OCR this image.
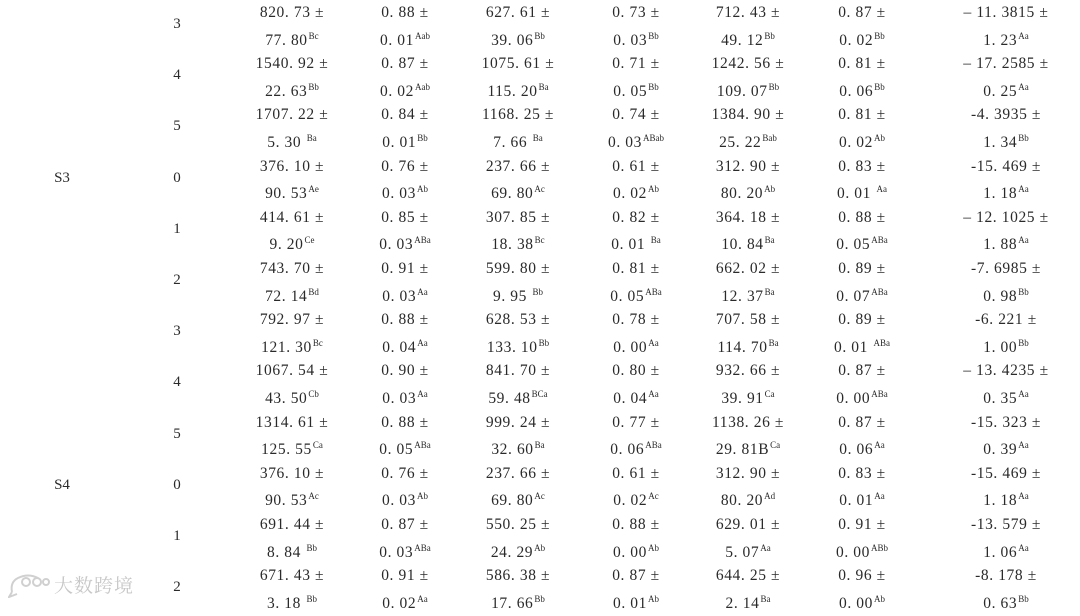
3
820. 73 ±
77. $80^{Bc}$
0. 88 ±
0. $01^{Aab}$
627. 61 ±
39. $06^{Bb}$
0. 73 ±
0. $03^{Bb}$
712. 43 ±
49. $12^{Bb}$
0. 87 ±
0. $02^{Bb}$
– 11. 3815 ±
1. $23^{Aa}$
4
1540. 92 ±
22. $63^{Bb}$
0. 87 ±
0. $02^{Aab}$
1075. 61 ±
115. $20^{Ba}$
0. 71 ±
0. $05^{Bb}$
1242. 56 ±
109. $07^{Bb}$
0. 81 ±
0. $06^{Bb}$
– 17. 2585 ±
0. $25^{Aa}$
5
1707. 22 ±
5. 30 $^{Ba}$
0. 84 ±
0. $01^{Bb}$
1168. 25 ±
7. 66 $^{Ba}$
0. 74 ±
0. $03^{ABab}$
1384. 90 ±
25. $22^{Bab}$
0. 81 ±
0. $02^{Ab}$
-4. 3935 ±
1. $34^{Bb}$
S3	0
376. 10 ±
90. $53^{Ae}$
0. 76 ±
0. $03^{Ab}$
237. 66 ±
69. $80^{Ac}$
0. 61 ±
0. $02^{Ab}$
312. 90 ±
80. $20^{Ab}$
0. 83 ±
0. 01 $^{Aa}$
-15. 469 ±
1. $18^{Aa}$
1
414. 61 ±
9. $20^{Ce}$
0. 85 ±
0. $03^{ABa}$
307. 85 ±
18. $38^{Bc}$
0. 82 ±
0. 01 $^{Ba}$
364. 18 ±
10. $84^{Ba}$
0. 88 ±
0. $05^{ABa}$
– 12. 1025 ±
1. $88^{Aa}$
2
743. 70 ±
72. $14^{Bd}$
0. 91 ±
0. $03^{Aa}$
599. 80 ±
9. 95 $^{Bb}$
0. 81 ±
0. $05^{ABa}$
662. 02 ±
12. $37^{Ba}$
0. 89 ±
0. $07^{ABa}$
-7. 6985 ±
0. $98^{Bb}$
3
792. 97 ±
121. $30^{Bc}$
0. 88 ±
0. $04^{Aa}$
628. 53 ±
133. $10^{Bb}$
0. 78 ±
0. $00^{Aa}$
707. 58 ±
114. $70^{Ba}$
0. 89 ±
0. 01 $^{ABa}$
-6. 221 ±
1. $00^{Bb}$
4
1067. 54 ±
43. $50^{Cb}$
0. 90 ±
0. $03^{Aa}$
841. 70 ±
59. $48^{BCa}$
0. 80 ±
0. $04^{Aa}$
932. 66 ±
39. $91^{Ca}$
0. 87 ±
0. $00^{ABa}$
– 13. 4235 ±
0. $35^{Aa}$
5
1314. 61 ±
125. $55^{Ca}$
0. 88 ±
0. $05^{ABa}$
999. 24 ±
32. $60^{Ba}$
0. 77 ±
0. $06^{ABa}$
1138. 26 ±
29. $81B^{Ca}$
0. 87 ±
0. $06^{Aa}$
-15. 323 ±
0. $39^{Aa}$
S4	0
376. 10 ±
90. $53^{Ac}$
0. 76 ±
0. $03^{Ab}$
237. 66 ±
69. $80^{Ac}$
0. 61 ±
0. $02^{Ac}$
312. 90 ±
80. $20^{Ad}$
0. 83 ±
0. $01^{Aa}$
-15. 469 ±
1. $18^{Aa}$
1
691. 44 ±
8. 84 $^{Bb}$
0. 87 ±
0. $03^{ABa}$
550. 25 ±
24. $29^{Ab}$
0. 88 ±
0. $00^{Ab}$
629. 01 ±
5. $07^{Aa}$
0. 91 ±
0. $00^{ABb}$
-13. 579 ±
1. $06^{Aa}$
2
671. 43 ±
3. 18 $^{Bb}$
0. 91 ±
0. $02^{Aa}$
586. 38 ±
17. $66^{Bb}$
0. 87 ±
0. $01^{Ab}$
644. 25 ±
2. $14^{Ba}$
0. 96 ±
0. $00^{Ab}$
-8. 178 ±
0. $63^{Bb}$
大数跨境
